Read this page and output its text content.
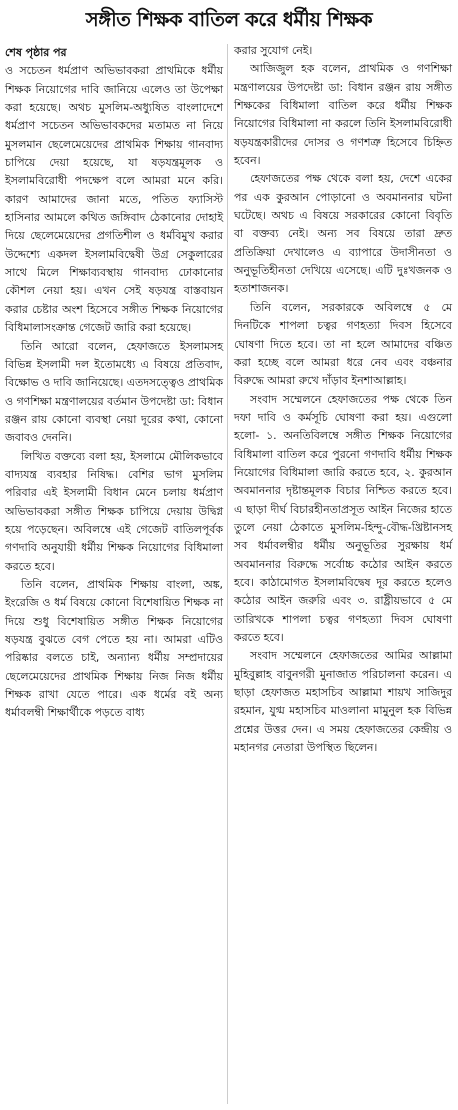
সঙ্গীত শিক্ষক বাতিল করে ধর্মীয় শিক্ষক
শেষ পৃষ্ঠার পর

ও সচেতন ধর্মপ্রাণ অভিভাবকরা প্রাথমিকে ধর্মীয় শিক্ষক নিয়োগের দাবি জানিয়ে এলেও তা উপেক্ষা করা হয়েছে। অথচ মুসলিম-অধ্যুষিত বাংলাদেশে ধর্মপ্রাণ সচেতন অভিভাবকদের মতামত না নিয়ে মুসলমান ছেলেমেয়েদের প্রাথমিক শিক্ষায় গানবাদ্য চাপিয়ে দেয়া হয়েছে, যা ষড়যন্ত্রমূলক ও ইসলামবিরোধী পদক্ষেপ বলে আমরা মনে করি। কারণ আমাদের জানা মতে, পতিত ফ্যাসিস্ট হাসিনার আমলে কথিত জঙ্গিবাদ ঠেকানোর দোহাই দিয়ে ছেলেমেয়েদের প্রগতিশীল ও ধর্মবিমুখ করার উদ্দেশ্যে একদল ইসলামবিদ্বেষী উগ্র সেকুলারের সাথে মিলে শিক্ষাব্যবস্থায় গানবাদ্য ঢোকানোর কৌশল নেয়া হয়। এখন সেই ষড়যন্ত্র বাস্তবায়ন করার চেষ্টার অংশ হিসেবে সঙ্গীত শিক্ষক নিয়োগের বিধিমালাসংক্রান্ত গেজেট জারি করা হয়েছে।

তিনি আরো বলেন, হেফাজতে ইসলামসহ বিভিন্ন ইসলামী দল ইতোমধ্যে এ বিষয়ে প্রতিবাদ, বিক্ষোভ ও দাবি জানিয়েছে। এতদসত্ত্বেও প্রাথমিক ও গণশিক্ষা মন্ত্রণালয়ের বর্তমান উপদেষ্টা ডা: বিধান রঞ্জন রায় কোনো ব্যবস্থা নেয়া দূরের কথা, কোনো জবাবও দেননি।

লিখিত বক্তব্যে বলা হয়, ইসলামে মৌলিকভাবে বাদ্যযন্ত্র ব্যবহার নিষিদ্ধ। বেশির ভাগ মুসলিম পরিবার এই ইসলামী বিধান মেনে চলায় ধর্মপ্রাণ অভিভাবকরা সঙ্গীত শিক্ষক চাপিয়ে দেয়ায় উদ্বিগ্ন হয়ে পড়েছেন। অবিলম্বে এই গেজেট বাতিলপূর্বক গণদাবি অনুযায়ী ধর্মীয় শিক্ষক নিয়োগের বিধিমালা করতে হবে।

তিনি বলেন, প্রাথমিক শিক্ষায় বাংলা, অঙ্ক, ইংরেজি ও ধর্ম বিষয়ে কোনো বিশেষায়িত শিক্ষক না দিয়ে শুধু বিশেষায়িত সঙ্গীত শিক্ষক নিয়োগের ষড়যন্ত্র বুঝতে বেগ পেতে হয় না। আমরা এটিও পরিষ্কার বলতে চাই, অন্যান্য ধর্মীয় সম্প্রদায়ের ছেলেমেয়েদের প্রাথমিক শিক্ষায় নিজ নিজ ধর্মীয় শিক্ষক রাখা যেতে পারে। এক ধর্মের বই অন্য ধর্মাবলম্বী শিক্ষার্থীকে পড়তে বাধ্য

করার সুযোগ নেই।

আজিজুল হক বলেন, প্রাথমিক ও গণশিক্ষা মন্ত্রণালয়ের উপদেষ্টা ডা: বিধান রঞ্জন রায় সঙ্গীত শিক্ষকের বিধিমালা বাতিল করে ধর্মীয় শিক্ষক নিয়োগের বিধিমালা না করলে তিনি ইসলামবিরোধী ষড়যন্ত্রকারীদের দোসর ও গণশত্রু হিসেবে চিহ্নিত হবেন।

হেফাজতের পক্ষ থেকে বলা হয়, দেশে একের পর এক কুরআন পোড়ানো ও অবমাননার ঘটনা ঘটেছে। অথচ এ বিষয়ে সরকারের কোনো বিবৃতি বা বক্তব্য নেই। অন্য সব বিষয়ে তারা দ্রুত প্রতিক্রিয়া দেখালেও এ ব্যাপারে উদাসীনতা ও অনুভূতিহীনতা দেখিয়ে এসেছে। এটি দুঃখজনক ও হতাশাজনক।

তিনি বলেন, সরকারকে অবিলম্বে ৫ মে দিনটিকে শাপলা চত্বর গণহত্যা দিবস হিসেবে ঘোষণা দিতে হবে। তা না হলে আমাদের বঞ্চিত করা হচ্ছে বলে আমরা ধরে নেব এবং বঞ্চনার বিরুদ্ধে আমরা রুখে দাঁড়াব ইনশাআল্লাহ।

সংবাদ সম্মেলনে হেফাজতের পক্ষ থেকে তিন দফা দাবি ও কর্মসূচি ঘোষণা করা হয়। এগুলো হলো- ১. অনতিবিলম্বে সঙ্গীত শিক্ষক নিয়োগের বিধিমালা বাতিল করে পুরনো গণদাবি ধর্মীয় শিক্ষক নিয়োগের বিধিমালা জারি করতে হবে, ২. কুরআন অবমাননার দৃষ্টান্তমূলক বিচার নিশ্চিত করতে হবে। এ ছাড়া দীর্ঘ বিচারহীনতাপ্রসূত আইন নিজের হাতে তুলে নেয়া ঠেকাতে মুসলিম-হিন্দু-বৌদ্ধ-খ্রিষ্টানসহ সব ধর্মাবলম্বীর ধর্মীয় অনুভূতির সুরক্ষায় ধর্ম অবমাননার বিরুদ্ধে সর্বোচ্চ কঠোর আইন করতে হবে। কাঠামোগত ইসলামবিদ্বেষ দূর করতে হলেও কঠোর আইন জরুরি এবং ৩. রাষ্ট্রীয়ভাবে ৫ মে তারিখকে শাপলা চত্বর গণহত্যা দিবস ঘোষণা করতে হবে।

সংবাদ সম্মেলনে হেফাজতের আমির আল্লামা মুহিবুল্লাহ বাবুনগরী মুনাজাত পরিচালনা করেন। এ ছাড়া হেফাজত মহাসচিব আল্লামা শায়খ সাজিদুর রহমান, যুগ্ম মহাসচিব মাওলানা মামুনুল হক বিভিন্ন প্রশ্নের উত্তর দেন। এ সময় হেফাজতের কেন্দ্রীয় ও মহানগর নেতারা উপস্থিত ছিলেন।
